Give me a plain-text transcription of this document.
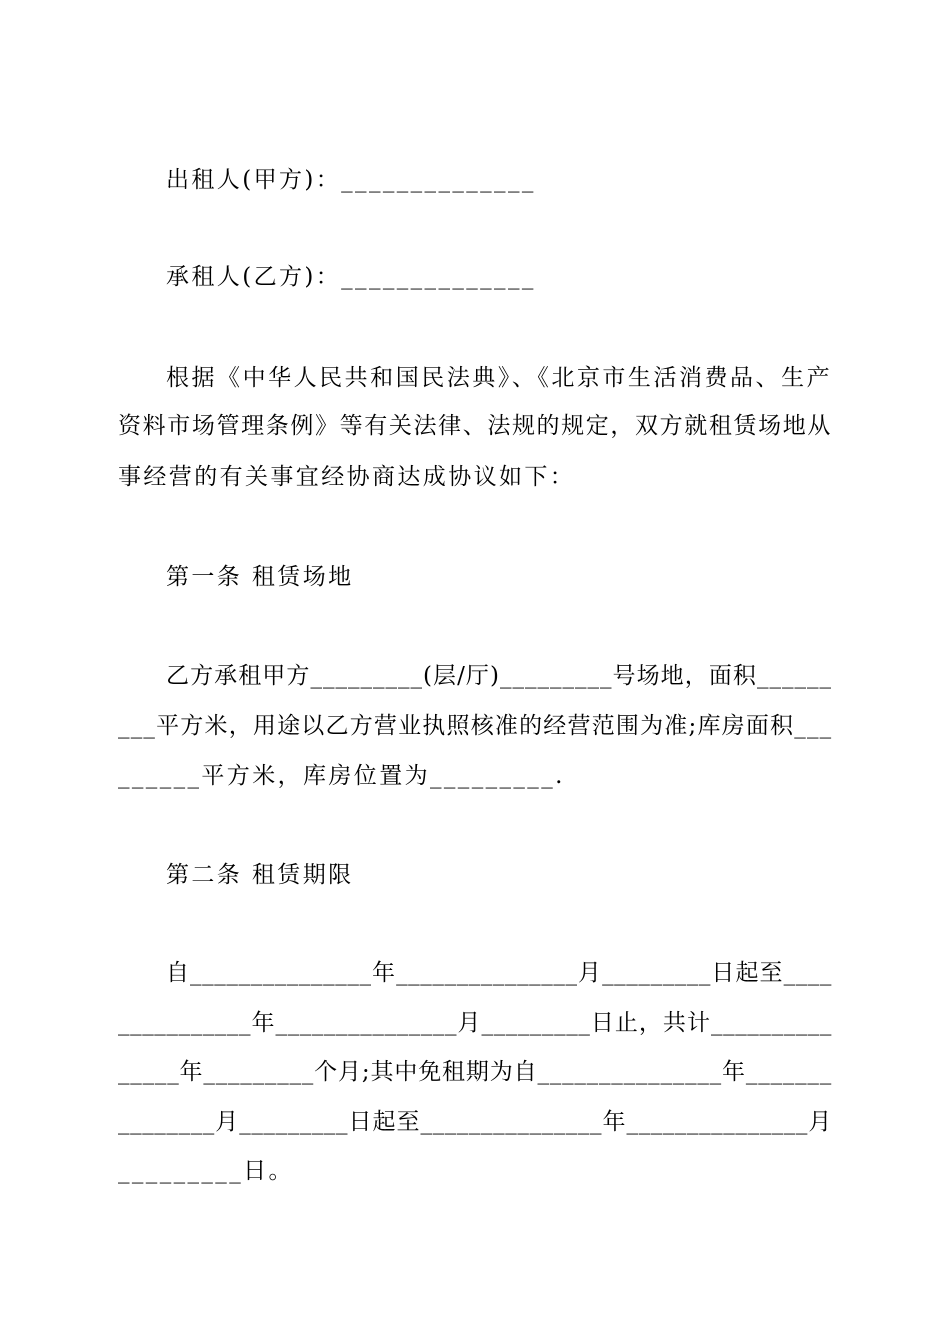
出租人(甲方)：______________
承租人(乙方)：______________
根据《中华人民共和国民法典》、《北京市生活消费品、生产
资料市场管理条例》等有关法律、法规的规定，双方就租赁场地从
事经营的有关事宜经协商达成协议如下：
第一条 租赁场地
乙方承租甲方_________(层/厅)_________号场地，面积______
___平方米，用途以乙方营业执照核准的经营范围为准;库房面积___
______平方米，库房位置为_________.
第二条 租赁期限
自_______________年_______________月_________日起至____
___________年_______________月_________日止，共计__________
_____年_________个月;其中免租期为自_______________年_______
________月_________日起至_______________年_______________月
_________日。
